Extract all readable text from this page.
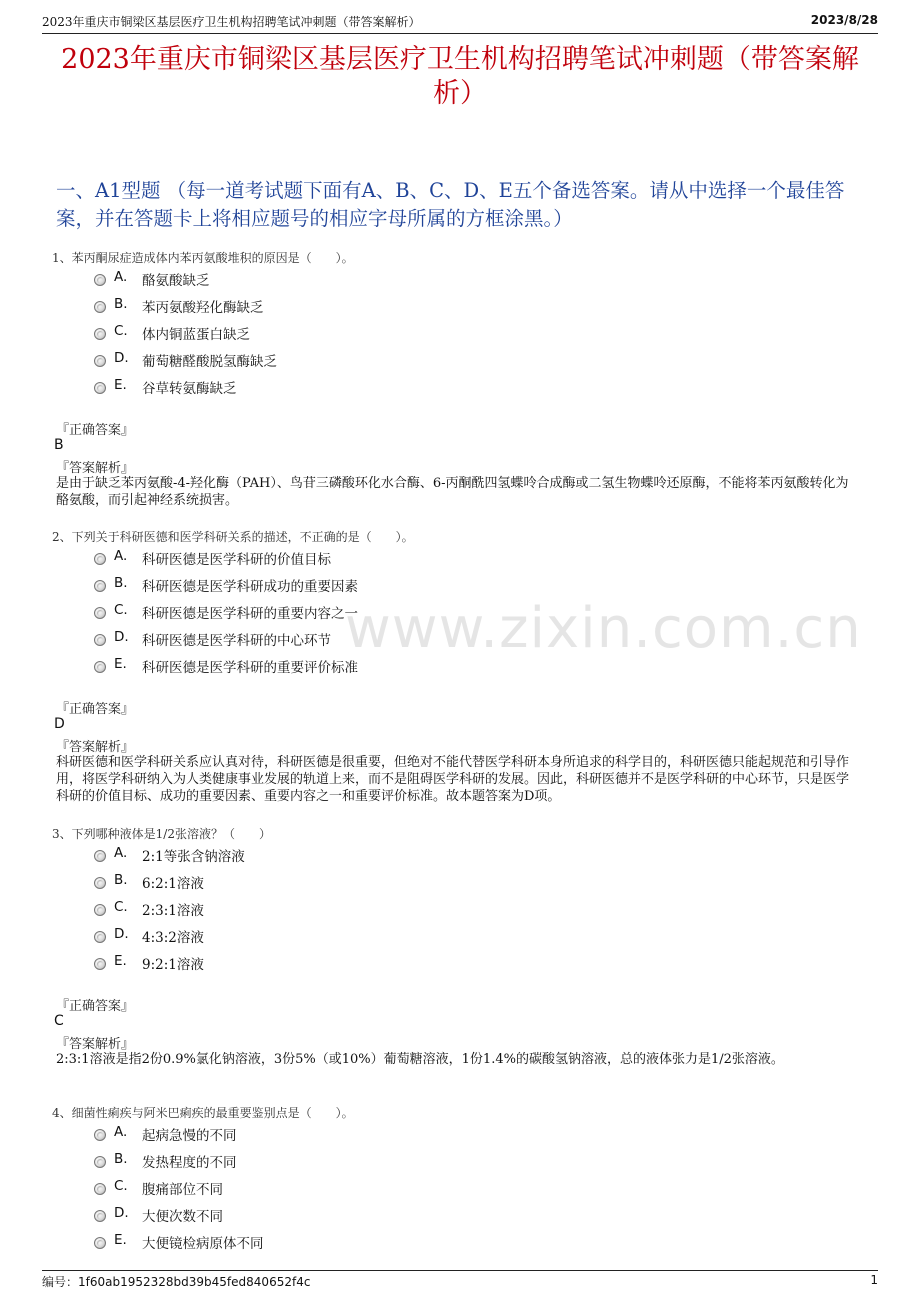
2023年重庆市铜梁区基层医疗卫生机构招聘笔试冲刺题（带答案解析）	2023/8/28
2023年重庆市铜梁区基层医疗卫生机构招聘笔试冲刺题（带答案解析）
一、A1型题 （每一道考试题下面有A、B、C、D、E五个备选答案。请从中选择一个最佳答案，并在答题卡上将相应题号的相应字母所属的方框涂黑。）
www.zixin.com.cn
1、苯丙酮尿症造成体内苯丙氨酸堆积的原因是（　　）。
A. 酪氨酸缺乏
B. 苯丙氨酸羟化酶缺乏
C. 体内铜蓝蛋白缺乏
D. 葡萄糖醛酸脱氢酶缺乏
E. 谷草转氨酶缺乏
『正确答案』
B
『答案解析』
是由于缺乏苯丙氨酸-4-羟化酶（PAH）、鸟苷三磷酸环化水合酶、6-丙酮酰四氢蝶呤合成酶或二氢生物蝶呤还原酶，不能将苯丙氨酸转化为酪氨酸，而引起神经系统损害。
2、下列关于科研医德和医学科研关系的描述，不正确的是（　　）。
A. 科研医德是医学科研的价值目标
B. 科研医德是医学科研成功的重要因素
C. 科研医德是医学科研的重要内容之一
D. 科研医德是医学科研的中心环节
E. 科研医德是医学科研的重要评价标准
『正确答案』
D
『答案解析』
科研医德和医学科研关系应认真对待，科研医德是很重要，但绝对不能代替医学科研本身所追求的科学目的，科研医德只能起规范和引导作用，将医学科研纳入为人类健康事业发展的轨道上来，而不是阻碍医学科研的发展。因此，科研医德并不是医学科研的中心环节，只是医学科研的价值目标、成功的重要因素、重要内容之一和重要评价标准。故本题答案为D项。
3、下列哪种液体是1/2张溶液？（　　）
A. 2:1等张含钠溶液
B. 6:2:1溶液
C. 2:3:1溶液
D. 4:3:2溶液
E. 9:2:1溶液
『正确答案』
C
『答案解析』
2:3:1溶液是指2份0.9%氯化钠溶液，3份5%（或10%）葡萄糖溶液，1份1.4%的碳酸氢钠溶液，总的液体张力是1/2张溶液。
4、细菌性痢疾与阿米巴痢疾的最重要鉴别点是（　　）。
A. 起病急慢的不同
B. 发热程度的不同
C. 腹痛部位不同
D. 大便次数不同
E. 大便镜检病原体不同
编号：1f60ab1952328bd39b45fed840652f4c	1
